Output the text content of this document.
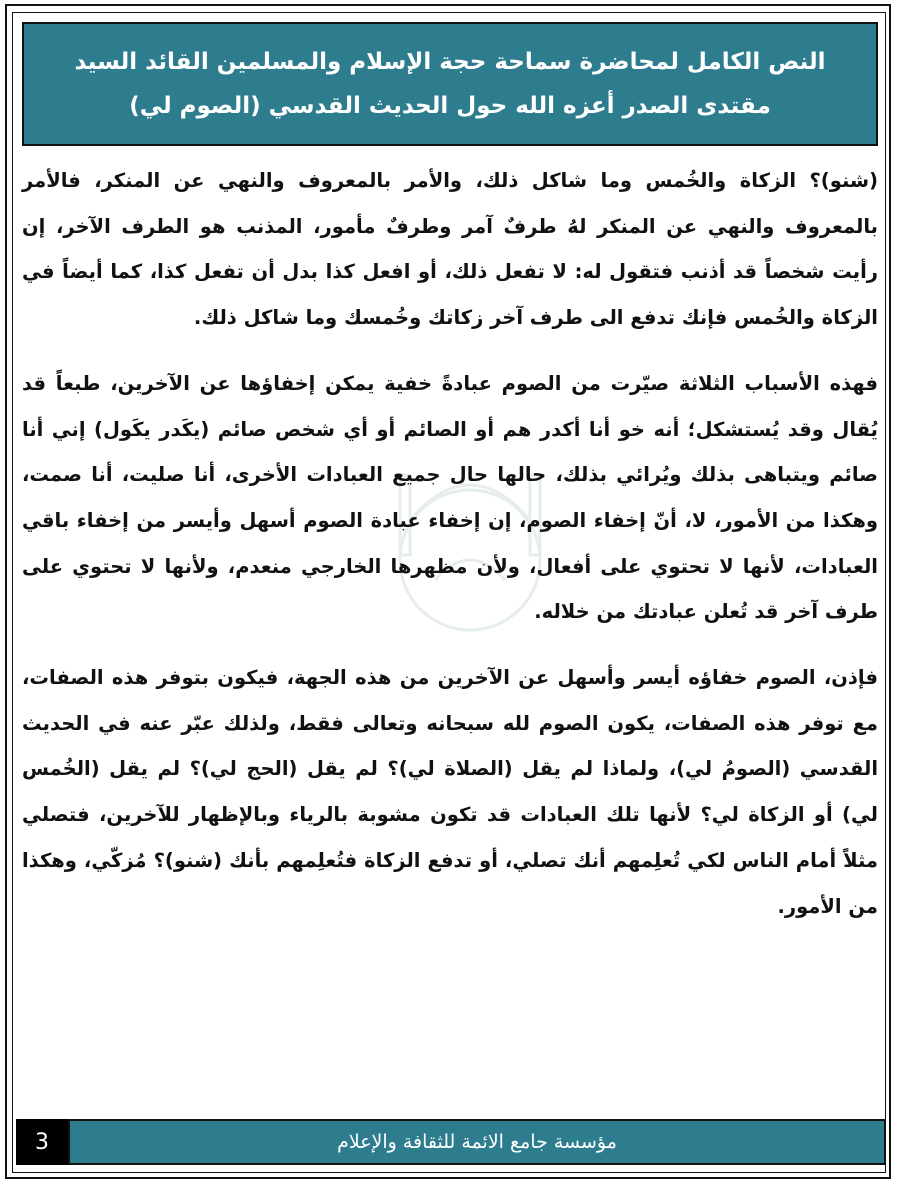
النص الكامل لمحاضرة سماحة حجة الإسلام والمسلمين القائد السيد
مقتدى الصدر أعزه الله حول الحديث القدسي (الصوم لي)

(شنو)؟ الزكاة والخُمس وما شاكل ذلك، والأمر بالمعروف والنهي عن المنكر، فالأمر بالمعروف والنهي عن المنكر لهُ طرفٌ آمر وطرفٌ مأمور، المذنب هو الطرف الآخر، إن رأيت شخصاً قد أذنب فتقول له: لا تفعل ذلك، أو افعل كذا بدل أن تفعل كذا، كما أيضاً في الزكاة والخُمس فإنك تدفع الى طرف آخر زكاتك وخُمسك وما شاكل ذلك.

فهذه الأسباب الثلاثة صيّرت من الصوم عبادةً خفية يمكن إخفاؤها عن الآخرين، طبعاً قد يُقال وقد يُستشكل؛ أنه خو أنا أكدر هم أو الصائم أو أي شخص صائم (يكَدر يكَول) إني أنا صائم ويتباهى بذلك ويُرائي بذلك، حالها حال جميع العبادات الأخرى، أنا صليت، أنا صمت، وهكذا من الأمور، لا، أنّ إخفاء الصوم، إن إخفاء عبادة الصوم أسهل وأيسر من إخفاء باقي العبادات، لأنها لا تحتوي على أفعال، ولأن مظهرها الخارجي منعدم، ولأنها لا تحتوي على طرف آخر قد تُعلن عبادتك من خلاله.

فإذن، الصوم خفاؤه أيسر وأسهل عن الآخرين من هذه الجهة، فيكون بتوفر هذه الصفات، مع توفر هذه الصفات، يكون الصوم لله سبحانه وتعالى فقط، ولذلك عبّر عنه في الحديث القدسي (الصومُ لي)، ولماذا لم يقل (الصلاة لي)؟ لم يقل (الحج لي)؟ لم يقل (الخُمس لي) أو الزكاة لي؟ لأنها تلك العبادات قد تكون مشوبة بالرياء وبالإظهار للآخرين، فتصلي مثلاً أمام الناس لكي تُعلِمهم أنك تصلي، أو تدفع الزكاة فتُعلِمهم بأنك (شنو)؟ مُزكّي، وهكذا من الأمور.

3	مؤسسة جامع الائمة للثقافة والإعلام
